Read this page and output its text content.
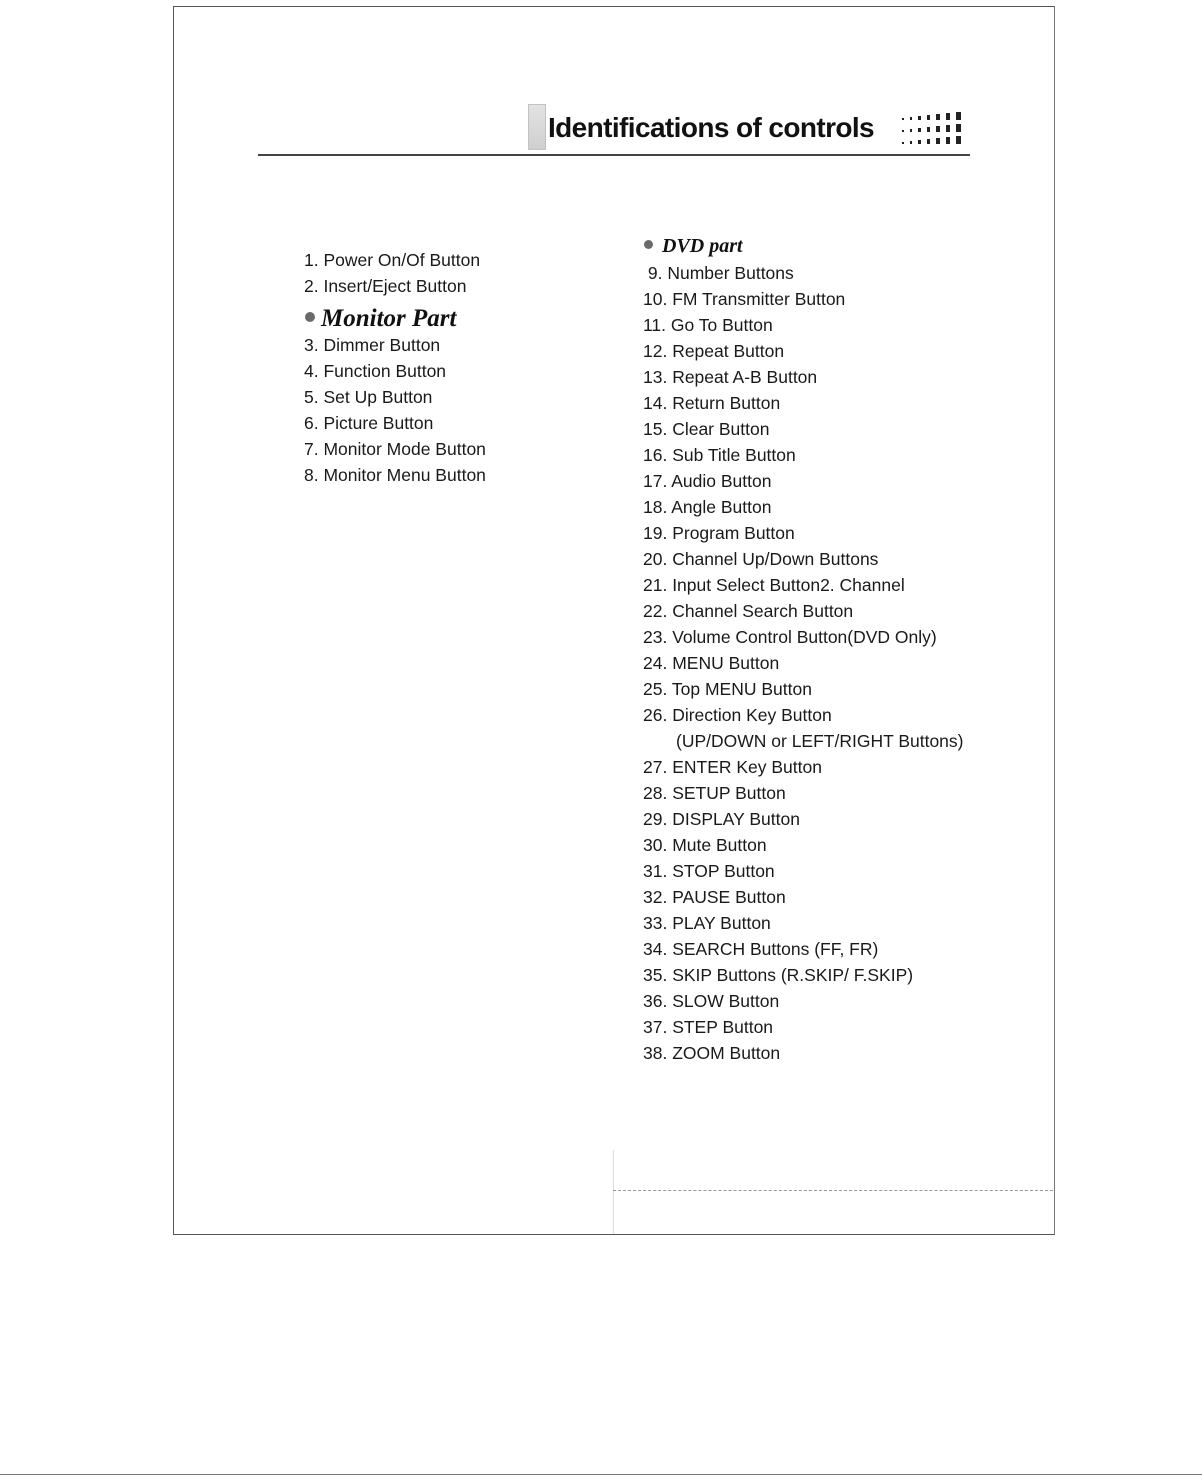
Identifications of controls
1. Power On/Of Button
2. Insert/Eject Button
Monitor Part
3. Dimmer Button
4. Function Button
5. Set Up Button
6. Picture Button
7. Monitor Mode Button
8. Monitor Menu Button
DVD part
9. Number Buttons
10. FM Transmitter Button
11. Go To Button
12. Repeat Button
13. Repeat A-B Button
14. Return Button
15. Clear Button
16. Sub Title Button
17. Audio Button
18. Angle Button
19. Program Button
20. Channel Up/Down Buttons
21. Input Select Button2. Channel
22. Channel Search Button
23. Volume Control Button(DVD Only)
24. MENU Button
25. Top MENU Button
26. Direction Key Button
(UP/DOWN or LEFT/RIGHT Buttons)
27. ENTER Key Button
28. SETUP Button
29. DISPLAY Button
30. Mute Button
31. STOP Button
32. PAUSE Button
33. PLAY Button
34. SEARCH Buttons (FF, FR)
35. SKIP Buttons (R.SKIP/ F.SKIP)
36. SLOW Button
37. STEP Button
38. ZOOM Button
